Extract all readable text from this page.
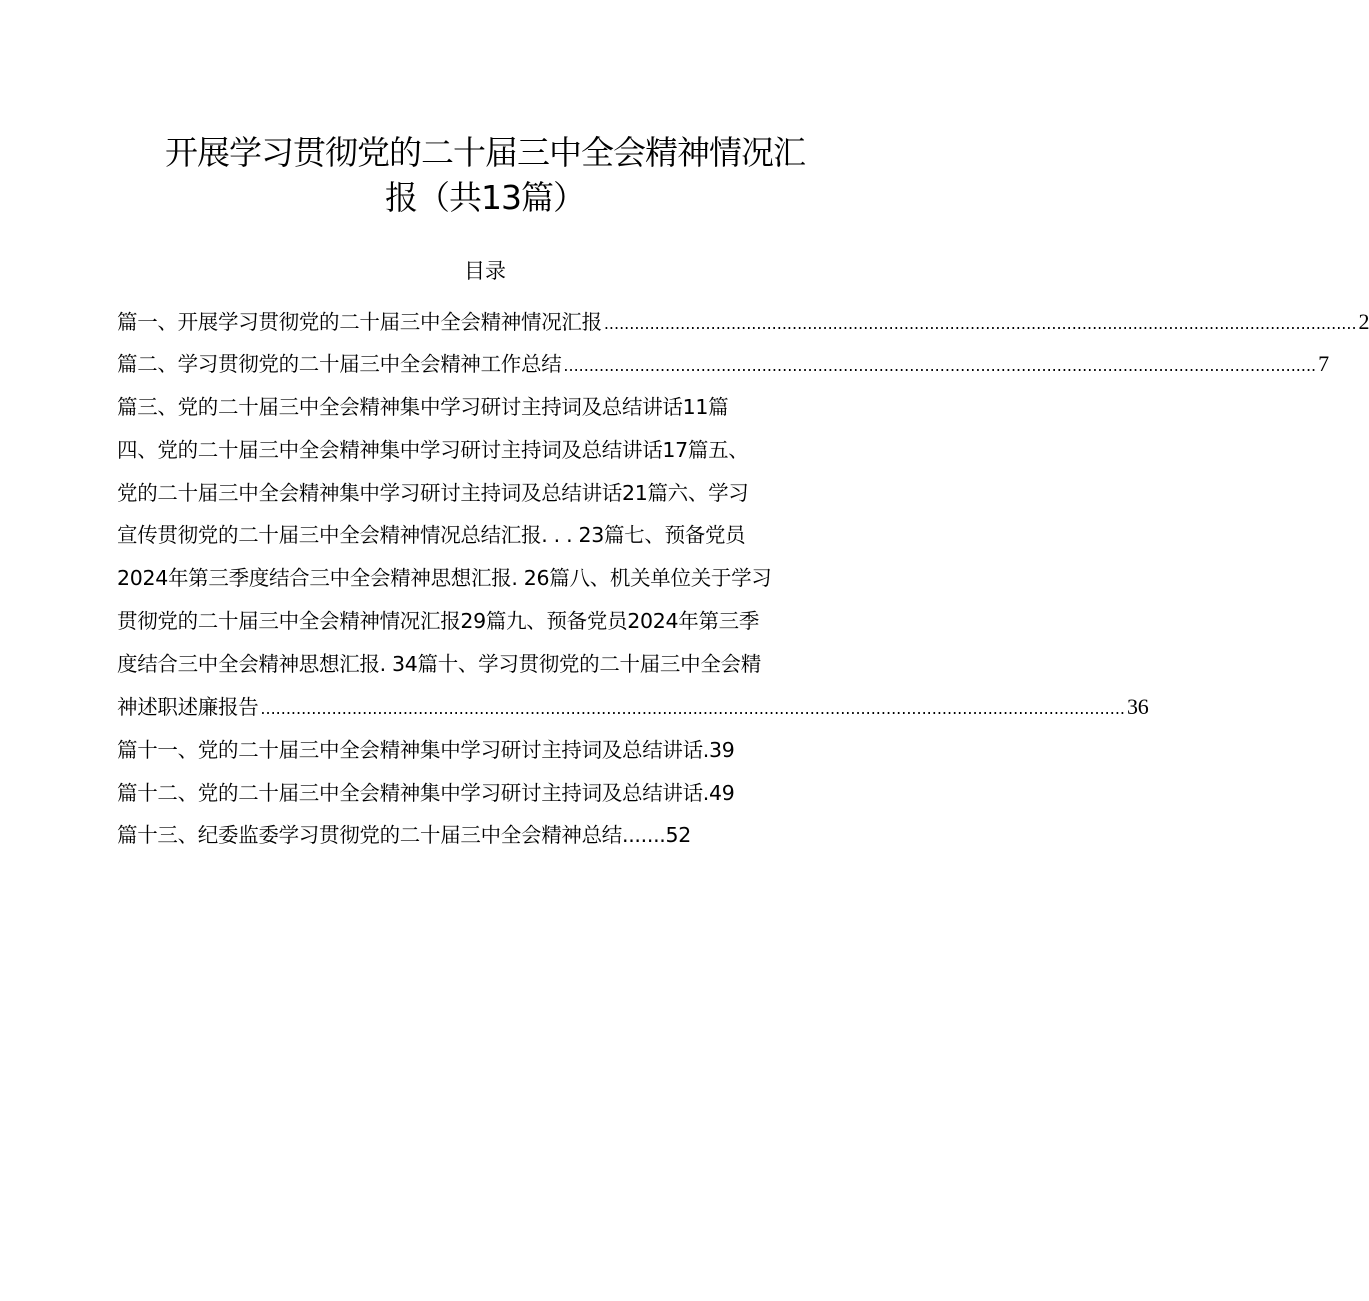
开展学习贯彻党的二十届三中全会精神情况汇
报（共13篇）
目录
篇一、开展学习贯彻党的二十届三中全会精神情况汇报 .................................................................................................................................................... 2
篇二、学习贯彻党的二十届三中全会精神工作总结 .................................................................................................................................................... 7
篇三、党的二十届三中全会精神集中学习研讨主持词及总结讲话11篇
四、党的二十届三中全会精神集中学习研讨主持词及总结讲话17篇五、
党的二十届三中全会精神集中学习研讨主持词及总结讲话21篇六、学习
宣传贯彻党的二十届三中全会精神情况总结汇报. . . 23篇七、预备党员
2024年第三季度结合三中全会精神思想汇报. 26篇八、机关单位关于学习
贯彻党的二十届三中全会精神情况汇报29篇九、预备党员2024年第三季
度结合三中全会精神思想汇报. 34篇十、学习贯彻党的二十届三中全会精
神述职述廉报告 .......................................................................................................................................................................... 36
篇十一、党的二十届三中全会精神集中学习研讨主持词及总结讲话.39
篇十二、党的二十届三中全会精神集中学习研讨主持词及总结讲话.49
篇十三、纪委监委学习贯彻党的二十届三中全会精神总结.......52
